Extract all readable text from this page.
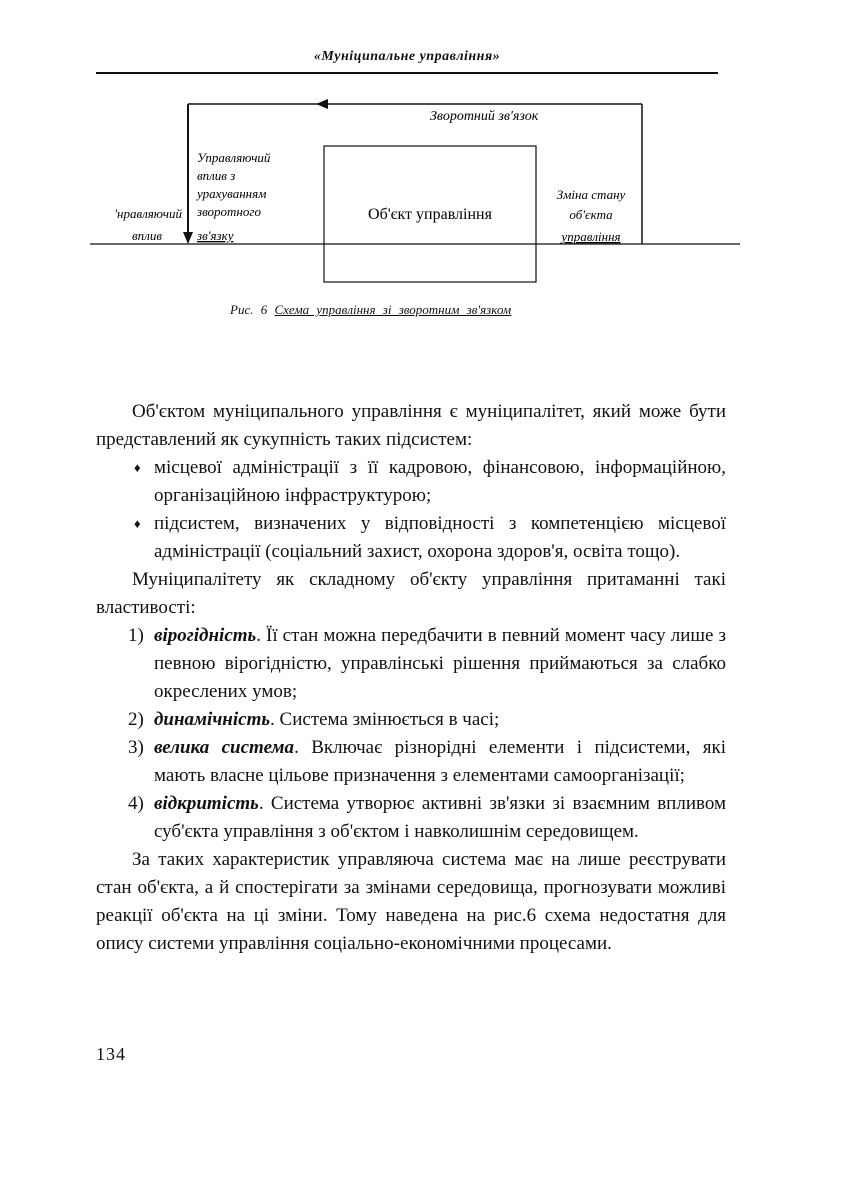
«Муніципальне управління»
Зворотний зв'язок
Управляючий
вплив з
урахуванням
зворотного
зв'язку
'нравляючий
вплив
Об'єкт управління
Зміна стану
об'єкта
управління
Рис. 6 Схема управління зі зворотним зв'язком

Об'єктом муніципального управління є муніципалітет, який може бути представлений як сукупність таких підсистем:

♦ місцевої адміністрації з її кадровою, фінансовою, інформаційною, організаційною інфраструктурою;
♦ підсистем, визначених у відповідності з компетенцією місцевої адміністрації (соціальний захист, охорона здоров'я, освіта тощо).

Муніципалітету як складному об'єкту управління притаманні такі властивості:

1) вірогідність. Її стан можна передбачити в певний момент часу лише з певною вірогідністю, управлінські рішення приймаються за слабко окреслених умов;
2) динамічність. Система змінюється в часі;
3) велика система. Включає різнорідні елементи і підсистеми, які мають власне цільове призначення з елементами самоорганізації;
4) відкритість. Система утворює активні зв'язки зі взаємним впливом суб'єкта управління з об'єктом і навколишнім середовищем.

За таких характеристик управляюча система має на лише реєструвати стан об'єкта, а й спостерігати за змінами середовища, прогнозувати можливі реакції об'єкта на ці зміни. Тому наведена на рис.6 схема недостатня для опису системи управління соціально-економічними процесами.

134
